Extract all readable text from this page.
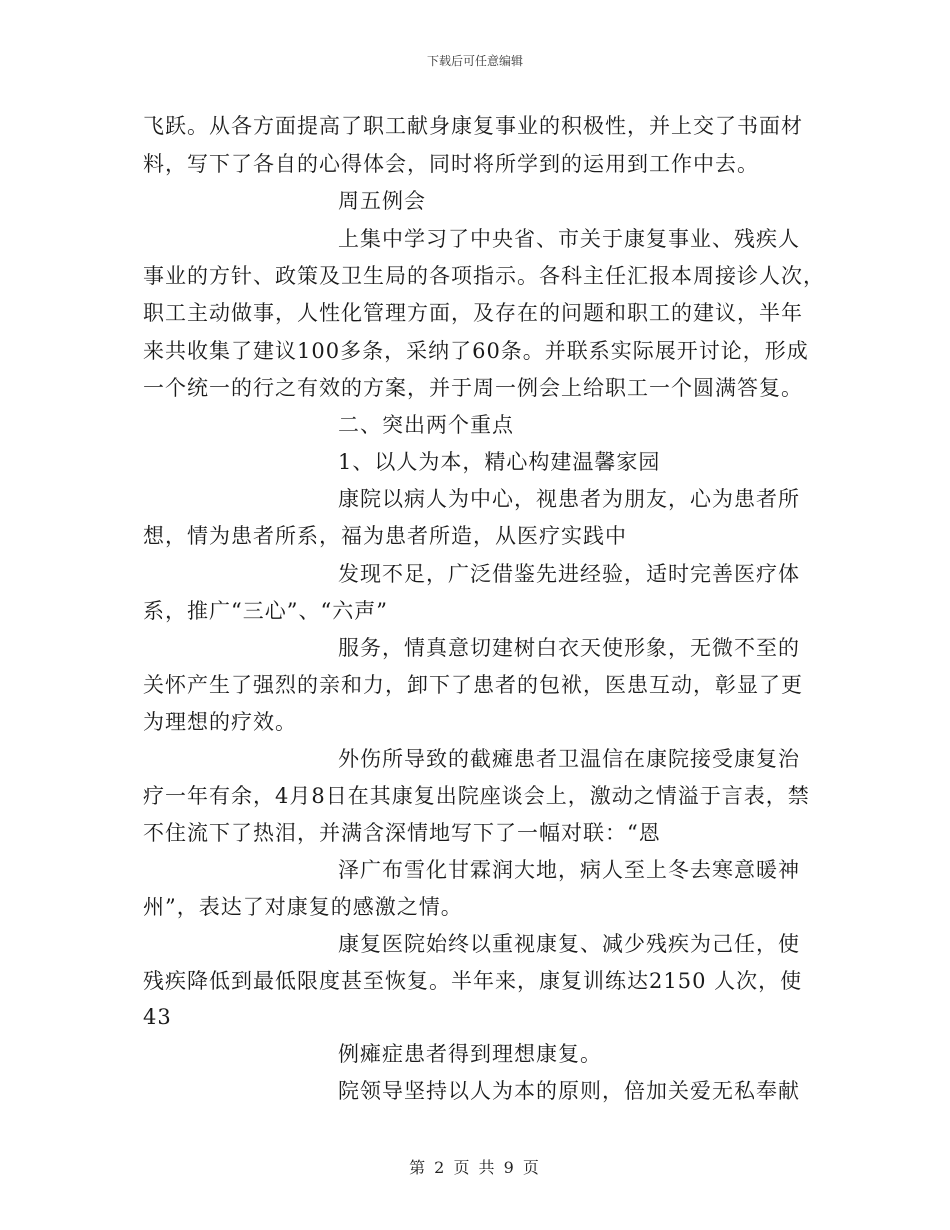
下载后可任意编辑
飞跃。从各方面提高了职工献身康复事业的积极性，并上交了书面材
料，写下了各自的心得体会，同时将所学到的运用到工作中去。
周五例会
上集中学习了中央省、市关于康复事业、残疾人
事业的方针、政策及卫生局的各项指示。各科主任汇报本周接诊人次，
职工主动做事，人性化管理方面，及存在的问题和职工的建议，半年
来共收集了建议100多条，采纳了60条。并联系实际展开讨论，形成
一个统一的行之有效的方案，并于周一例会上给职工一个圆满答复。
二、突出两个重点
1、以人为本，精心构建温馨家园
康院以病人为中心，视患者为朋友，心为患者所
想，情为患者所系，福为患者所造，从医疗实践中
发现不足，广泛借鉴先进经验，适时完善医疗体
系，推广“三心”、“六声”
服务，情真意切建树白衣天使形象，无微不至的
关怀产生了强烈的亲和力，卸下了患者的包袱，医患互动，彰显了更
为理想的疗效。
外伤所导致的截瘫患者卫温信在康院接受康复治
疗一年有余，4月8日在其康复出院座谈会上，激动之情溢于言表，禁
不住流下了热泪，并满含深情地写下了一幅对联：“恩
泽广布雪化甘霖润大地，病人至上冬去寒意暖神
州”，表达了对康复的感激之情。
康复医院始终以重视康复、减少残疾为己任，使
残疾降低到最低限度甚至恢复。半年来，康复训练达2150 人次，使
43
例瘫症患者得到理想康复。
院领导坚持以人为本的原则，倍加关爱无私奉献
第 2 页 共 9 页
